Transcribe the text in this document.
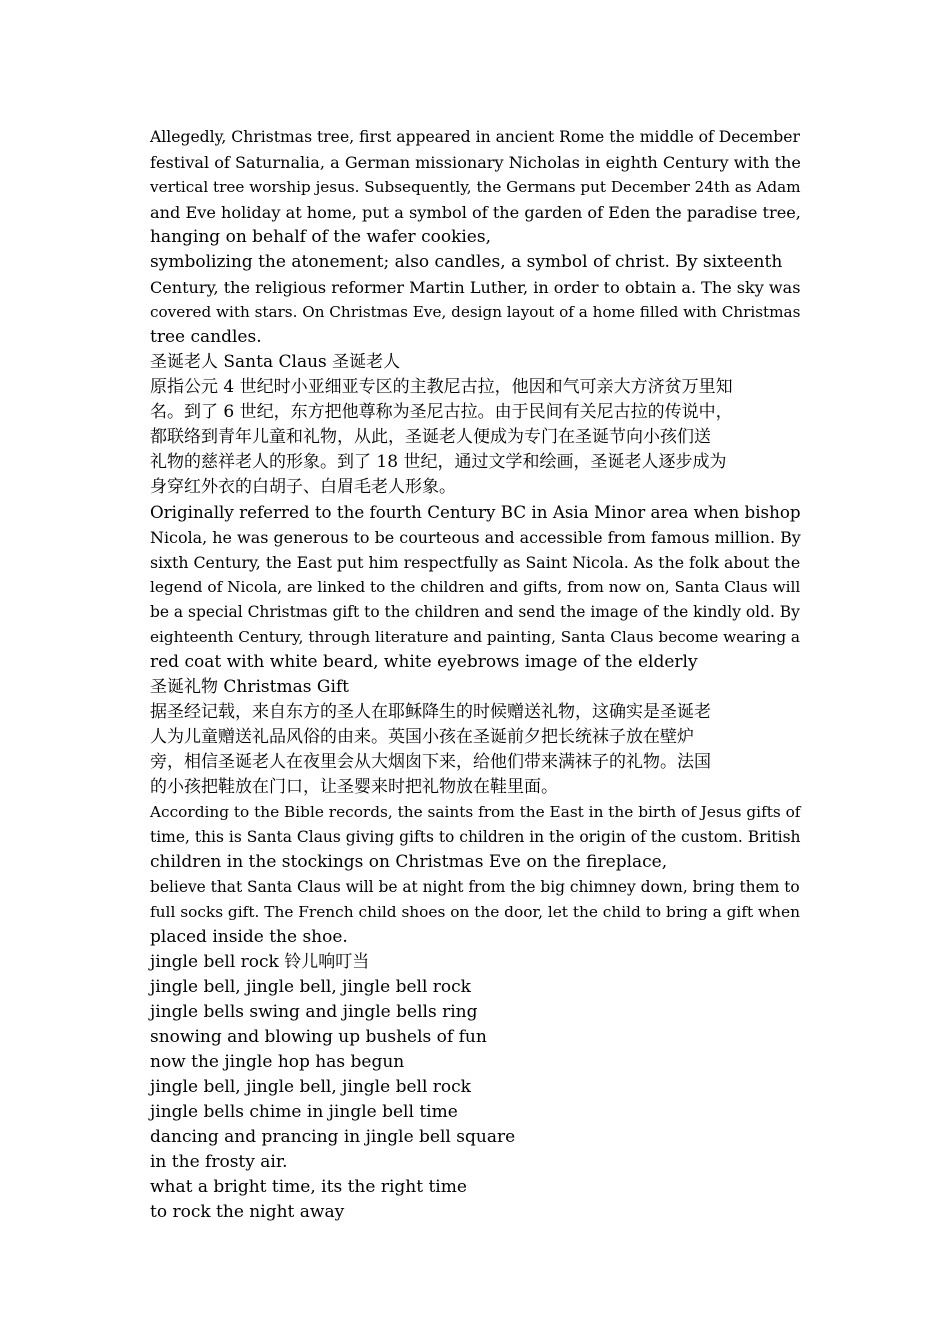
Allegedly, Christmas tree, first appeared in ancient Rome the middle of December
festival of Saturnalia, a German missionary Nicholas in eighth Century with the
vertical tree worship jesus. Subsequently, the Germans put December 24th as Adam
and Eve holiday at home, put a symbol of the garden of Eden the paradise tree,
hanging on behalf of the wafer cookies,
symbolizing the atonement; also candles, a symbol of christ. By sixteenth
Century, the religious reformer Martin Luther, in order to obtain a. The sky was
covered with stars. On Christmas Eve, design layout of a home filled with Christmas
tree candles.
圣诞老人 Santa Claus 圣诞老人
原指公元 4 世纪时小亚细亚专区的主教尼古拉，他因和气可亲大方济贫万里知
名。到了 6 世纪，东方把他尊称为圣尼古拉。由于民间有关尼古拉的传说中，
都联络到青年儿童和礼物，从此，圣诞老人便成为专门在圣诞节向小孩们送
礼物的慈祥老人的形象。到了 18 世纪，通过文学和绘画，圣诞老人逐步成为
身穿红外衣的白胡子、白眉毛老人形象。
Originally referred to the fourth Century BC in Asia Minor area when bishop
Nicola, he was generous to be courteous and accessible from famous million. By
sixth Century, the East put him respectfully as Saint Nicola. As the folk about the
legend of Nicola, are linked to the children and gifts, from now on, Santa Claus will
be a special Christmas gift to the children and send the image of the kindly old. By
eighteenth Century, through literature and painting, Santa Claus become wearing a
red coat with white beard, white eyebrows image of the elderly
圣诞礼物 Christmas Gift
据圣经记载，来自东方的圣人在耶稣降生的时候赠送礼物，这确实是圣诞老
人为儿童赠送礼品风俗的由来。英国小孩在圣诞前夕把长统袜子放在壁炉
旁，相信圣诞老人在夜里会从大烟囱下来，给他们带来满袜子的礼物。法国
的小孩把鞋放在门口，让圣婴来时把礼物放在鞋里面。
According to the Bible records, the saints from the East in the birth of Jesus gifts of
time, this is Santa Claus giving gifts to children in the origin of the custom. British
children in the stockings on Christmas Eve on the fireplace,
believe that Santa Claus will be at night from the big chimney down, bring them to
full socks gift. The French child shoes on the door, let the child to bring a gift when
placed inside the shoe.
jingle bell rock 铃儿响叮当
jingle bell, jingle bell, jingle bell rock
jingle bells swing and jingle bells ring
snowing and blowing up bushels of fun
now the jingle hop has begun
jingle bell, jingle bell, jingle bell rock
jingle bells chime in jingle bell time
dancing and prancing in jingle bell square
in the frosty air.
what a bright time, its the right time
to rock the night away
